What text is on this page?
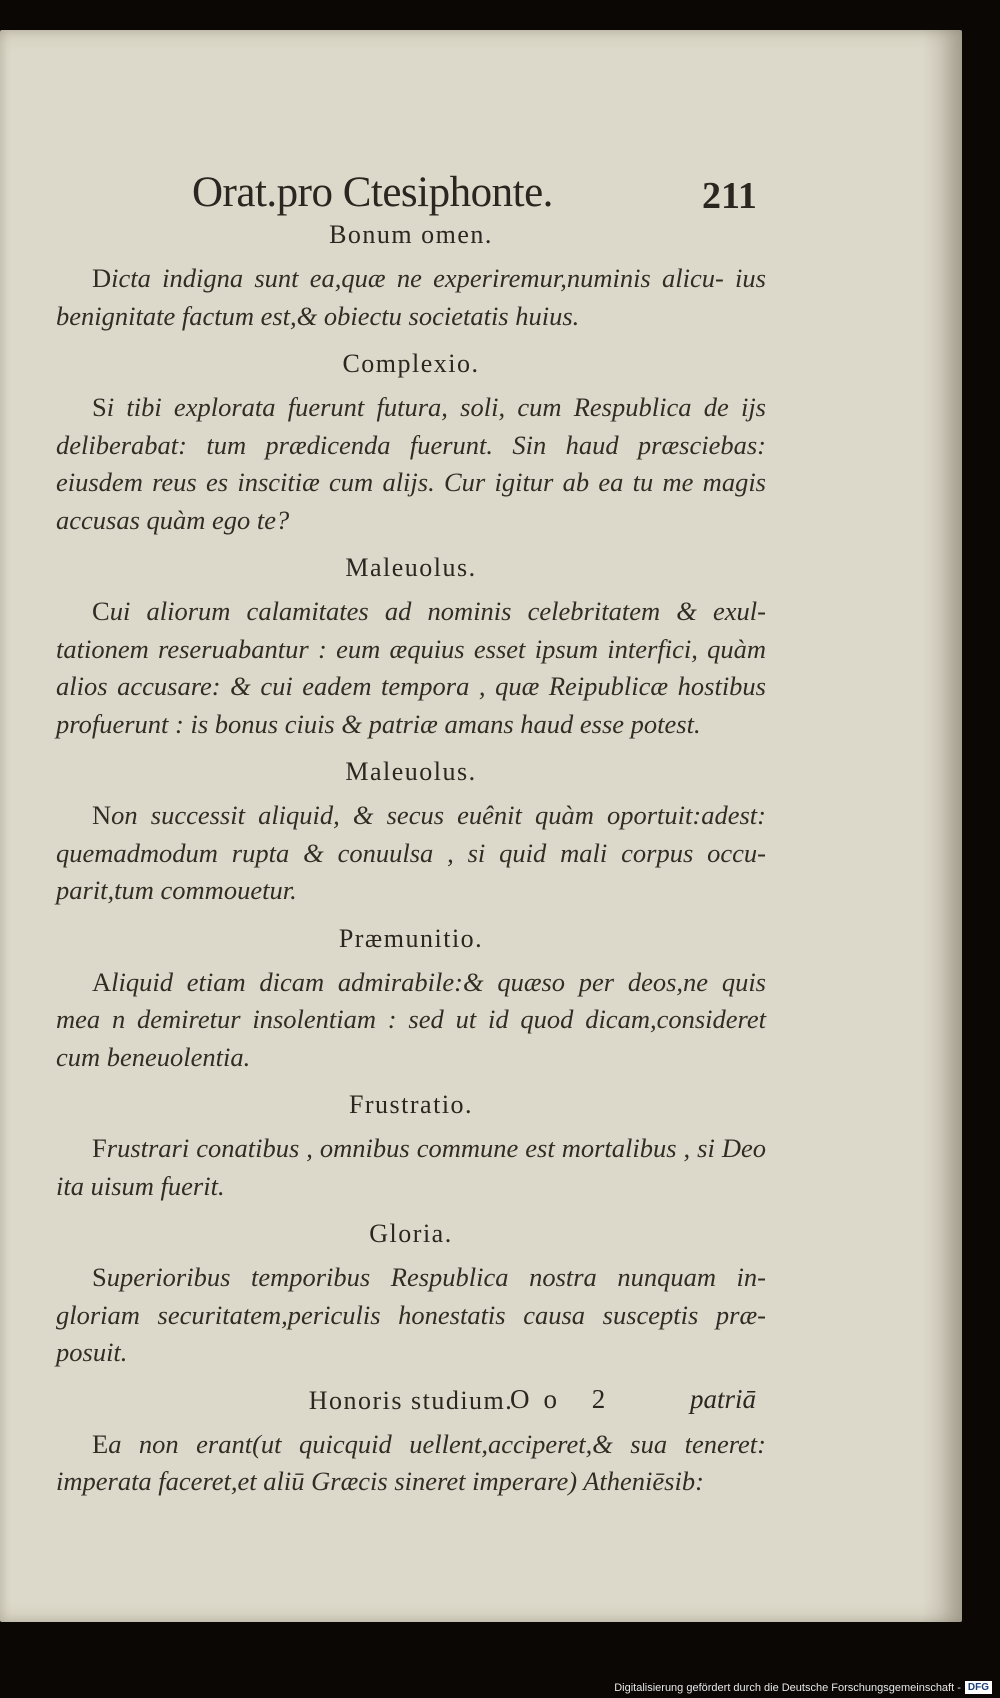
Orat.pro Ctesiphonte.	211
Bonum omen.

Dicta indigna sunt ea,quæ ne experiremur,numinis alicu- ius benignitate factum est,& obiectu societatis huius.

Complexio.

Si tibi explorata fuerunt futura, soli, cum Respublica de ijs deliberabat: tum prædicenda fuerunt. Sin haud præsciebas: eiusdem reus es inscitiæ cum alijs. Cur igitur ab ea tu me magis accusas quàm ego te?

Maleuolus.

Cui aliorum calamitates ad nominis celebritatem & exul- tationem reseruabantur : eum æquius esset ipsum interfici, quàm alios accusare: & cui eadem tempora , quæ Reipublicæ hostibus profuerunt : is bonus ciuis & patriæ amans haud esse potest.

Maleuolus.

Non successit aliquid, & secus euênit quàm oportuit:adest: quemadmodum rupta & conuulsa , si quid mali corpus occu- parit,tum commouetur.

Præmunitio.

Aliquid etiam dicam admirabile:& quæso per deos,ne quis mea n demiretur insolentiam : sed ut id quod dicam,consideret cum beneuolentia.

Frustratio.

Frustrari conatibus , omnibus commune est mortalibus , si Deo ita uisum fuerit.

Gloria.

Superioribus temporibus Respublica nostra nunquam in- gloriam securitatem,periculis honestatis causa susceptis præ- posuit.

Honoris studium.

Ea non erant(ut quicquid uellent,acciperet,& sua teneret: imperata faceret,et aliū Græcis sineret imperare) Atheniēsib:

Oo 2	patriā
Digitalisierung gefördert durch die Deutsche Forschungsgemeinschaft - DFG
